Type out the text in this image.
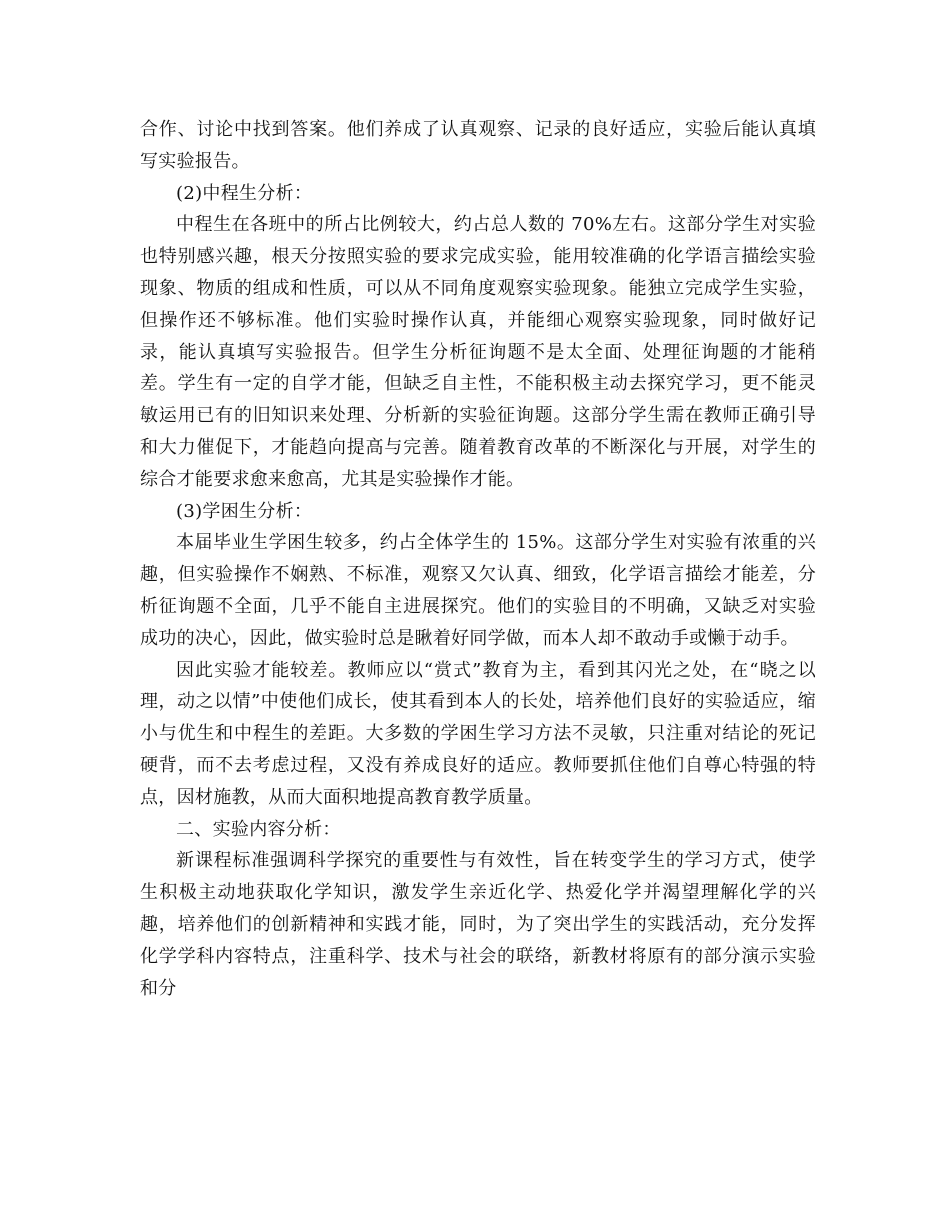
合作、讨论中找到答案。他们养成了认真观察、记录的良好适应，实验后能认真填写实验报告。

(2)中程生分析：

中程生在各班中的所占比例较大，约占总人数的 70%左右。这部分学生对实验也特别感兴趣，根天分按照实验的要求完成实验，能用较准确的化学语言描绘实验现象、物质的组成和性质，可以从不同角度观察实验现象。能独立完成学生实验，但操作还不够标准。他们实验时操作认真，并能细心观察实验现象，同时做好记录，能认真填写实验报告。但学生分析征询题不是太全面、处理征询题的才能稍差。学生有一定的自学才能，但缺乏自主性，不能积极主动去探究学习，更不能灵敏运用已有的旧知识来处理、分析新的实验征询题。这部分学生需在教师正确引导和大力催促下，才能趋向提高与完善。随着教育改革的不断深化与开展，对学生的综合才能要求愈来愈高，尤其是实验操作才能。

(3)学困生分析：

本届毕业生学困生较多，约占全体学生的 15%。这部分学生对实验有浓重的兴趣，但实验操作不娴熟、不标准，观察又欠认真、细致，化学语言描绘才能差，分析征询题不全面，几乎不能自主进展探究。他们的实验目的不明确，又缺乏对实验成功的决心，因此，做实验时总是瞅着好同学做，而本人却不敢动手或懒于动手。

因此实验才能较差。教师应以“赏式”教育为主，看到其闪光之处，在“晓之以理，动之以情”中使他们成长，使其看到本人的长处，培养他们良好的实验适应，缩小与优生和中程生的差距。大多数的学困生学习方法不灵敏，只注重对结论的死记硬背，而不去考虑过程，又没有养成良好的适应。教师要抓住他们自尊心特强的特点，因材施教，从而大面积地提高教育教学质量。

二、实验内容分析：

新课程标准强调科学探究的重要性与有效性，旨在转变学生的学习方式，使学生积极主动地获取化学知识，激发学生亲近化学、热爱化学并渴望理解化学的兴趣，培养他们的创新精神和实践才能，同时，为了突出学生的实践活动，充分发挥化学学科内容特点，注重科学、技术与社会的联络，新教材将原有的部分演示实验和分
